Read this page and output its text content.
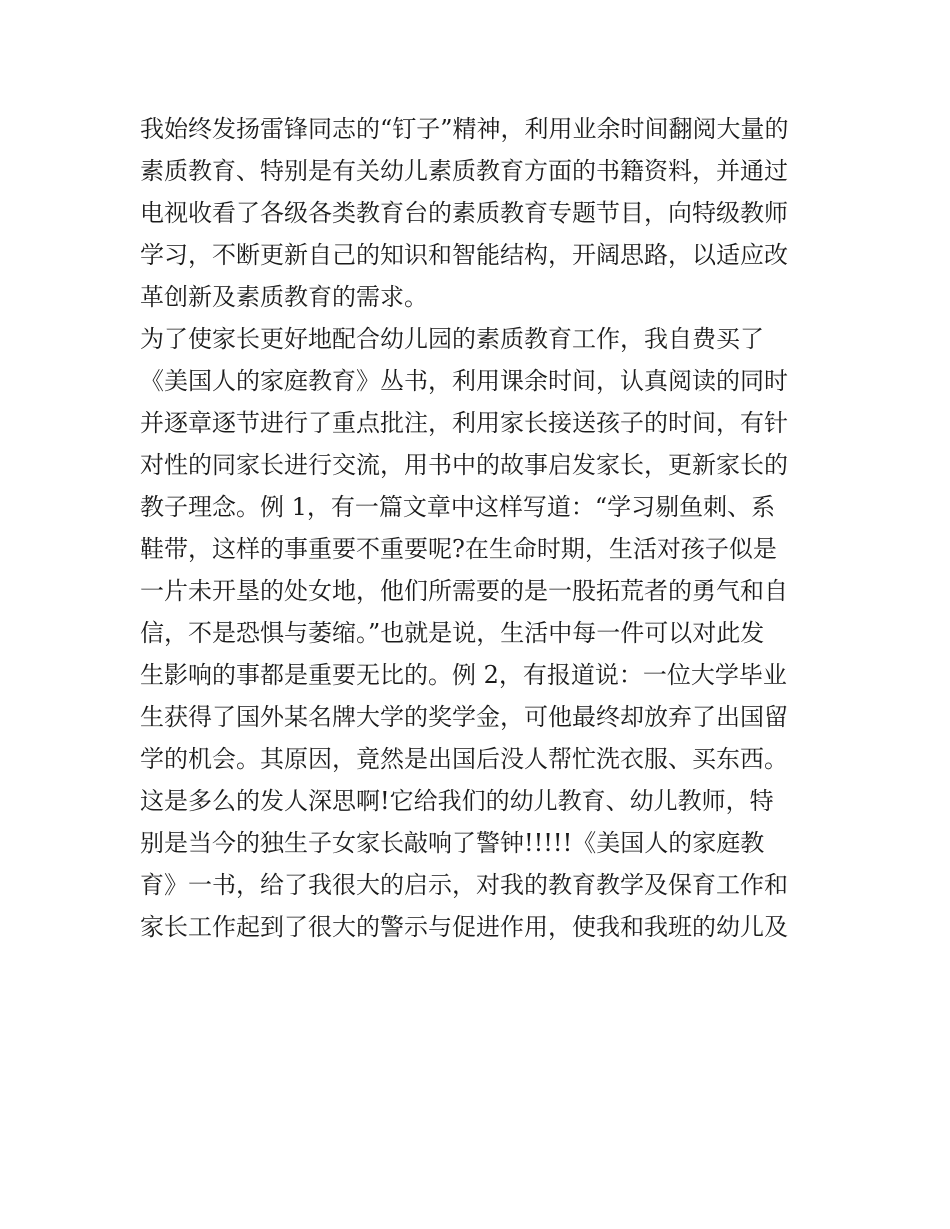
我始终发扬雷锋同志的“钉子”精神，利用业余时间翻阅大量的
素质教育、特别是有关幼儿素质教育方面的书籍资料，并通过
电视收看了各级各类教育台的素质教育专题节目，向特级教师
学习，不断更新自己的知识和智能结构，开阔思路，以适应改
革创新及素质教育的需求。
为了使家长更好地配合幼儿园的素质教育工作，我自费买了
《美国人的家庭教育》丛书，利用课余时间，认真阅读的同时
并逐章逐节进行了重点批注，利用家长接送孩子的时间，有针
对性的同家长进行交流，用书中的故事启发家长，更新家长的
教子理念。例 1，有一篇文章中这样写道：“学习剔鱼刺、系
鞋带，这样的事重要不重要呢?在生命时期，生活对孩子似是
一片未开垦的处女地，他们所需要的是一股拓荒者的勇气和自
信，不是恐惧与萎缩。”也就是说，生活中每一件可以对此发
生影响的事都是重要无比的。例 2，有报道说：一位大学毕业
生获得了国外某名牌大学的奖学金，可他最终却放弃了出国留
学的机会。其原因，竟然是出国后没人帮忙洗衣服、买东西。
这是多么的发人深思啊!它给我们的幼儿教育、幼儿教师，特
别是当今的独生子女家长敲响了警钟!!!!!《美国人的家庭教
育》一书，给了我很大的启示，对我的教育教学及保育工作和
家长工作起到了很大的警示与促进作用，使我和我班的幼儿及
